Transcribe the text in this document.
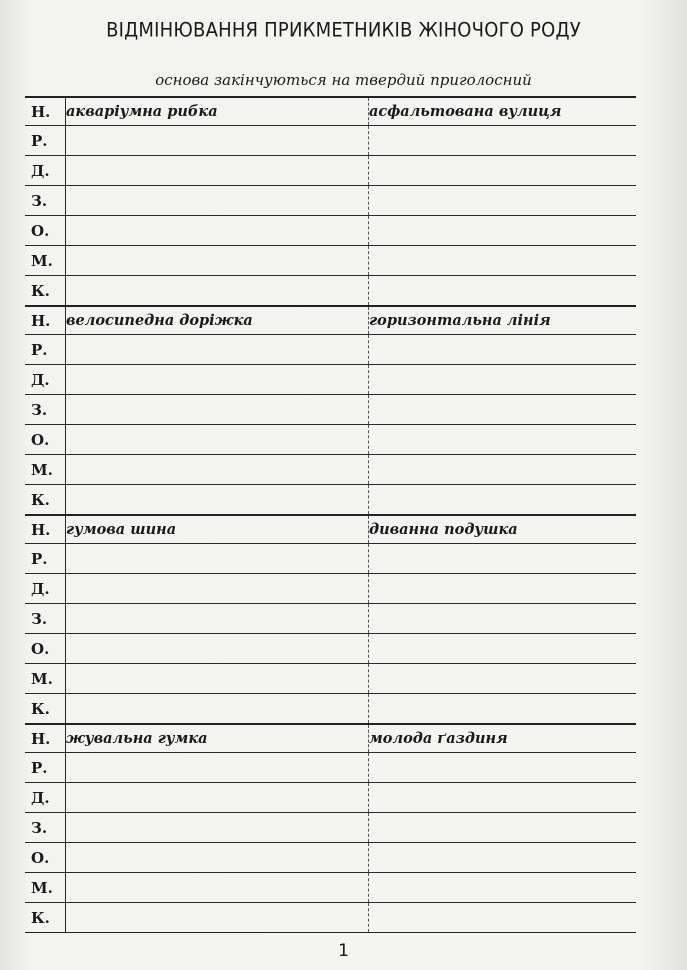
ВІДМІНЮВАННЯ ПРИКМЕТНИКІВ ЖІНОЧОГО РОДУ
основа закінчуються на твердий приголосний
Н.	акваріумна рибка	асфальтована вулиця
Р.		
Д.		
З.		
О.		
М.		
К.		
Н.	велосипедна доріжка	горизонтальна лінія
Р.		
Д.		
З.		
О.		
М.		
К.		
Н.	гумова шина	диванна подушка
Р.		
Д.		
З.		
О.		
М.		
К.		
Н.	жувальна гумка	молода ґаздиня
Р.		
Д.		
З.		
О.		
М.		
К.		
1
